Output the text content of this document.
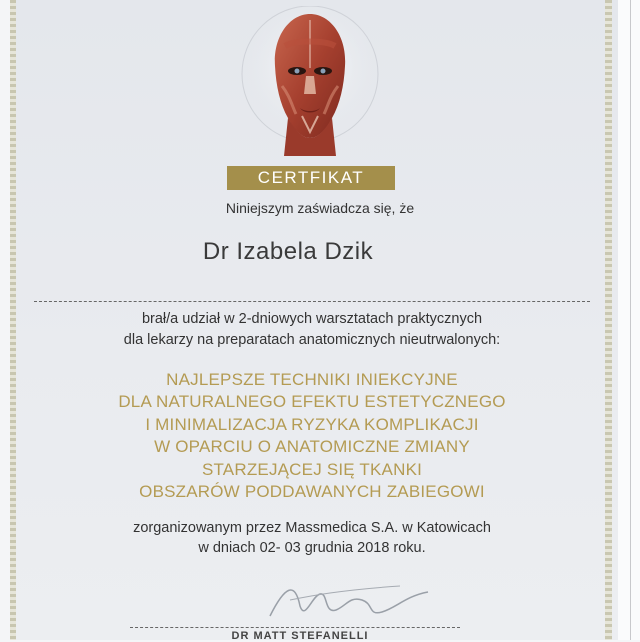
CERTFIKAT
Niniejszym zaświadcza się, że
Dr Izabela Dzik
brał/a udział w 2-dniowych warsztatach praktycznych
dla lekarzy na preparatach anatomicznych nieutrwalonych:
NAJLEPSZE TECHNIKI INIEKCYJNE
DLA NATURALNEGO EFEKTU ESTETYCZNEGO
I MINIMALIZACJA RYZYKA KOMPLIKACJI
W OPARCIU O ANATOMICZNE ZMIANY
STARZEJĄCEJ SIĘ TKANKI
OBSZARÓW PODDAWANYCH ZABIEGOWI
zorganizowanym przez Massmedica S.A. w Katowicach
w dniach 02- 03 grudnia 2018 roku.
DR MATT STEFANELLI
